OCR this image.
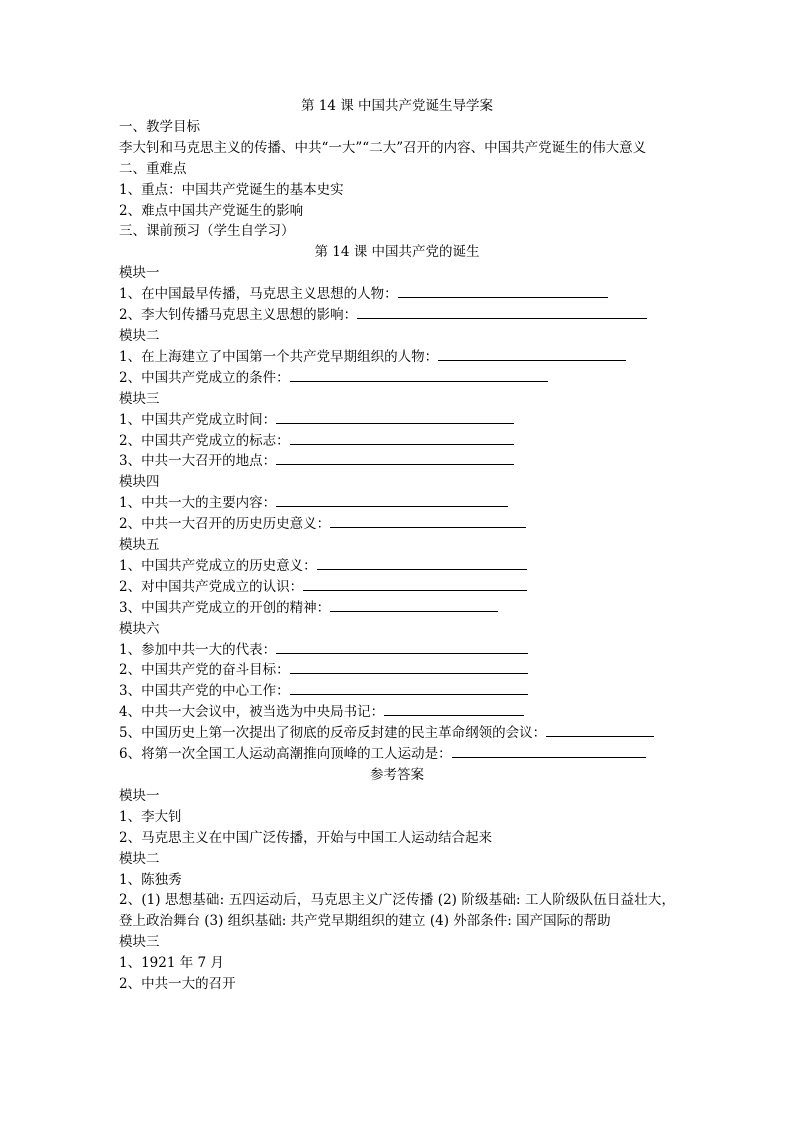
第 14 课 中国共产党诞生导学案
一、教学目标
李大钊和马克思主义的传播、中共“一大”“二大”召开的内容、中国共产党诞生的伟大意义
二、重难点
1、重点：中国共产党诞生的基本史实
2、难点中国共产党诞生的影响
三、课前预习（学生自学习）
第 14 课 中国共产党的诞生
模块一
1、在中国最早传播，马克思主义思想的人物：
2、李大钊传播马克思主义思想的影响：
模块二
1、在上海建立了中国第一个共产党早期组织的人物：
2、中国共产党成立的条件：
模块三
1、中国共产党成立时间：
2、中国共产党成立的标志：
3、中共一大召开的地点：
模块四
1、中共一大的主要内容：
2、中共一大召开的历史历史意义：
模块五
1、中国共产党成立的历史意义：
2、对中国共产党成立的认识：
3、中国共产党成立的开创的精神：
模块六
1、参加中共一大的代表：
2、中国共产党的奋斗目标：
3、中国共产党的中心工作：
4、中共一大会议中，被当选为中央局书记：
5、中国历史上第一次提出了彻底的反帝反封建的民主革命纲领的会议：
6、将第一次全国工人运动高潮推向顶峰的工人运动是：
参考答案
模块一
1、李大钊
2、马克思主义在中国广泛传播，开始与中国工人运动结合起来
模块二
1、陈独秀
2、(1) 思想基础: 五四运动后，马克思主义广泛传播 (2) 阶级基础: 工人阶级队伍日益壮大，登上政治舞台 (3) 组织基础: 共产党早期组织的建立 (4) 外部条件: 国产国际的帮助
模块三
1、1921 年 7 月
2、中共一大的召开
